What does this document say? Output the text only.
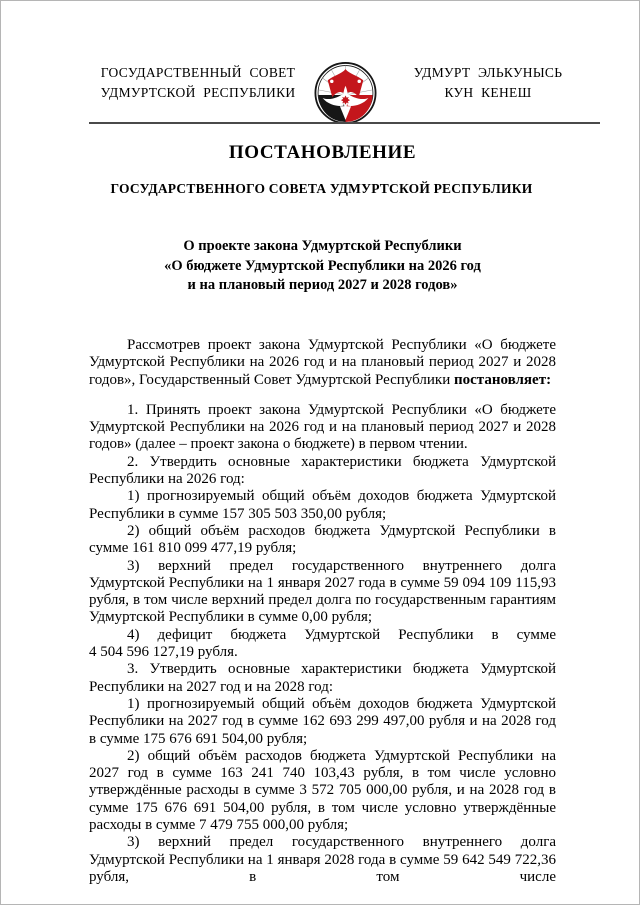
ГОСУДАРСТВЕННЫЙ СОВЕТ
УДМУРТСКОЙ РЕСПУБЛИКИ
УДМУРТ ЭЛЬКУНЫСЬ
КУН КЕНЕШ
ПОСТАНОВЛЕНИЕ
ГОСУДАРСТВЕННОГО СОВЕТА УДМУРТСКОЙ РЕСПУБЛИКИ
О проекте закона Удмуртской Республики
«О бюджете Удмуртской Республики на 2026 год
и на плановый период 2027 и 2028 годов»

Рассмотрев проект закона Удмуртской Республики «О бюджете Удмуртской Республики на 2026 год и на плановый период 2027 и 2028 годов», Государственный Совет Удмуртской Республики постановляет:

1. Принять проект закона Удмуртской Республики «О бюджете Удмуртской Республики на 2026 год и на плановый период 2027 и 2028 годов» (далее – проект закона о бюджете) в первом чтении.

2. Утвердить основные характеристики бюджета Удмуртской Республики на 2026 год:

1) прогнозируемый общий объём доходов бюджета Удмуртской Республики в сумме 157 305 503 350,00 рубля;

2) общий объём расходов бюджета Удмуртской Республики в сумме 161 810 099 477,19 рубля;

3) верхний предел государственного внутреннего долга Удмуртской Республики на 1 января 2027 года в сумме 59 094 109 115,93 рубля, в том числе верхний предел долга по государственным гарантиям Удмуртской Республики в сумме 0,00 рубля;

4) дефицит бюджета Удмуртской Республики в сумме 4 504 596 127,19 рубля.

3. Утвердить основные характеристики бюджета Удмуртской Республики на 2027 год и на 2028 год:

1) прогнозируемый общий объём доходов бюджета Удмуртской Республики на 2027 год в сумме 162 693 299 497,00 рубля и на 2028 год в сумме 175 676 691 504,00 рубля;

2) общий объём расходов бюджета Удмуртской Республики на 2027 год в сумме 163 241 740 103,43 рубля, в том числе условно утверждённые расходы в сумме 3 572 705 000,00 рубля, и на 2028 год в сумме 175 676 691 504,00 рубля, в том числе условно утверждённые расходы в сумме 7 479 755 000,00 рубля;

3) верхний предел государственного внутреннего долга Удмуртской Республики на 1 января 2028 года в сумме 59 642 549 722,36 рубля, в том числе
